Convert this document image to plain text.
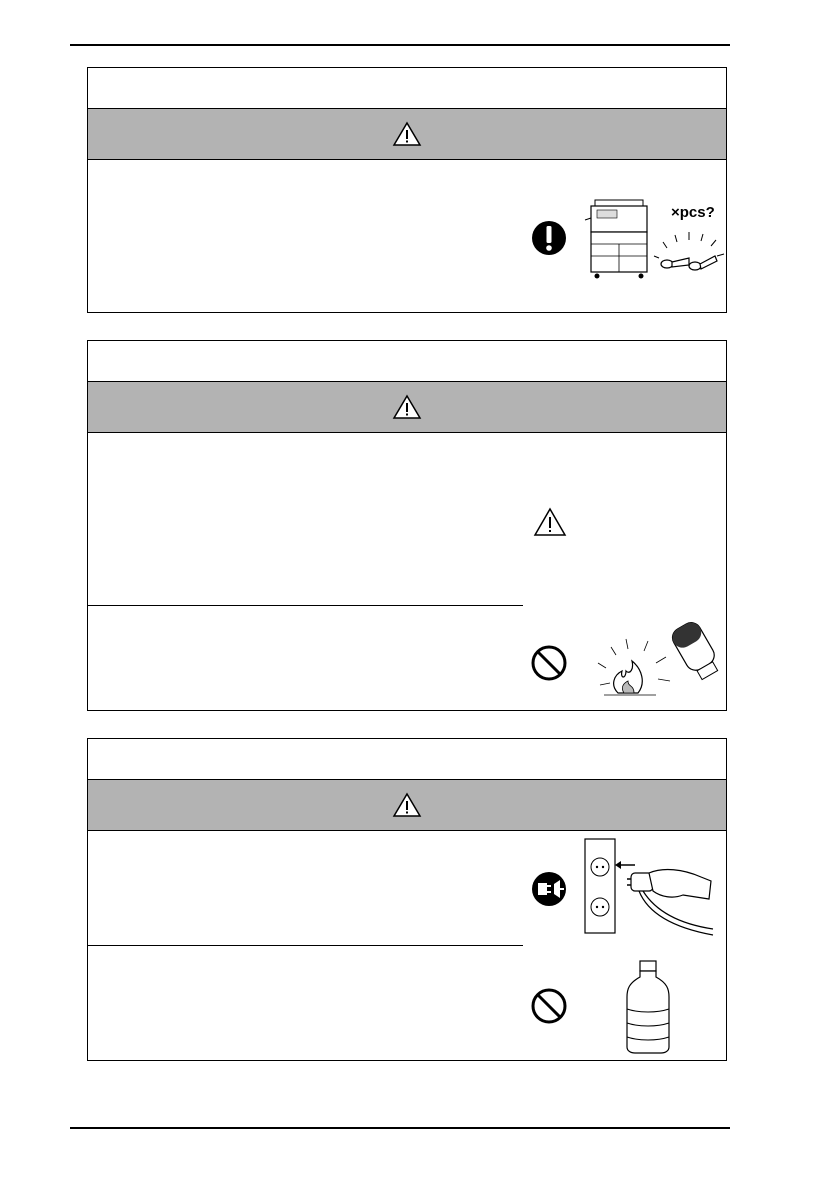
×pcs?
